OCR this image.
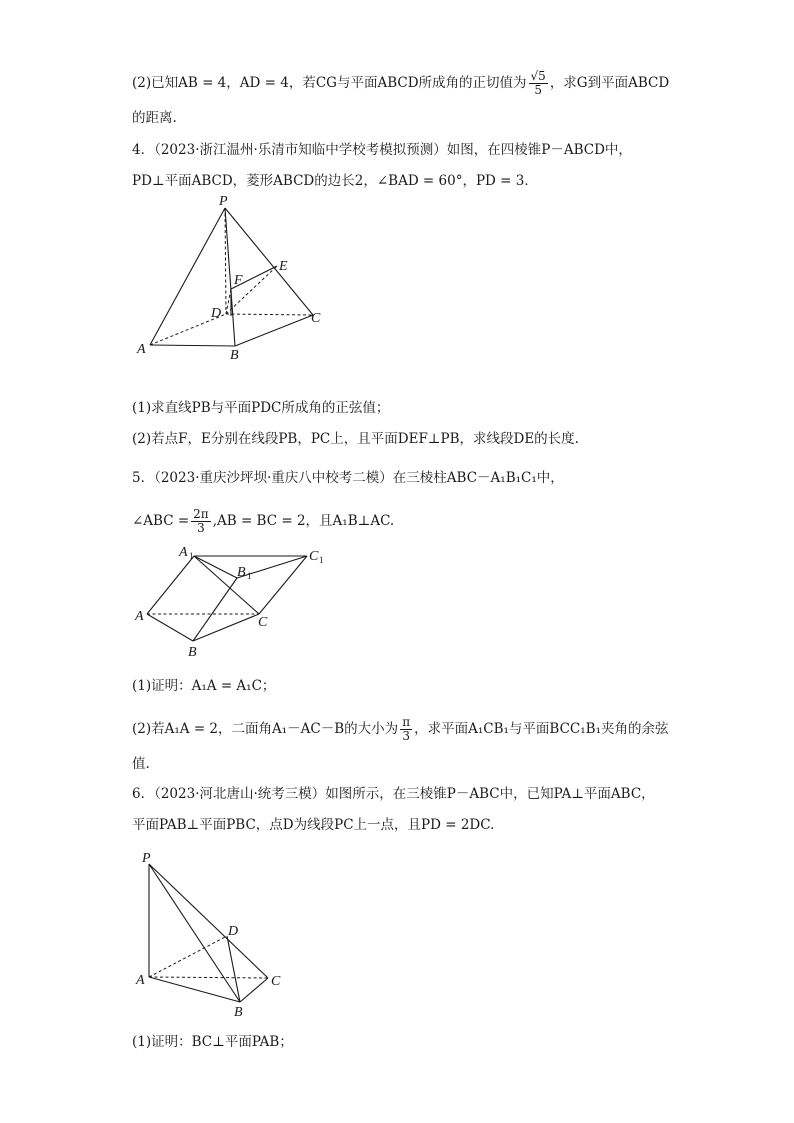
(2)已知AB = 4，AD = 4，若CG与平面ABCD所成角的正切值为 $\frac{√5}{5}$ ，求G到平面ABCD
的距离.
4．（2023·浙江温州·乐清市知临中学校考模拟预测）如图，在四棱锥P－ABCD中，
PD⊥平面ABCD，菱形ABCD的边长2，∠BAD = 60°，PD = 3．
P
E
F
D	C
A	B
(1)求直线PB与平面PDC所成角的正弦值；
(2)若点F，E分别在线段PB，PC上，且平面DEF⊥PB，求线段DE的长度.
5．（2023·重庆沙坪坝·重庆八中校考二模）在三棱柱ABC－A₁B₁C₁中，
∠ABC = $\frac{2\pi}{3} ,AB$ = BC = 2，且A₁B⊥AC.
A 1
B 1
C 1
A	C
B
(1)证明：A₁A = A₁C；
(2)若A₁A = 2，二面角A₁－AC－B的大小为 $\frac{\pi}{3}$ ，求平面A₁CB₁与平面BCC₁B₁夹角的余弦
值.
6．（2023·河北唐山·统考三模）如图所示，在三棱锥P－ABC中，已知PA⊥平面ABC，
平面PAB⊥平面PBC，点D为线段PC上一点，且PD = 2DC.
P
D
A	C
B
(1)证明：BC⊥平面PAB；
